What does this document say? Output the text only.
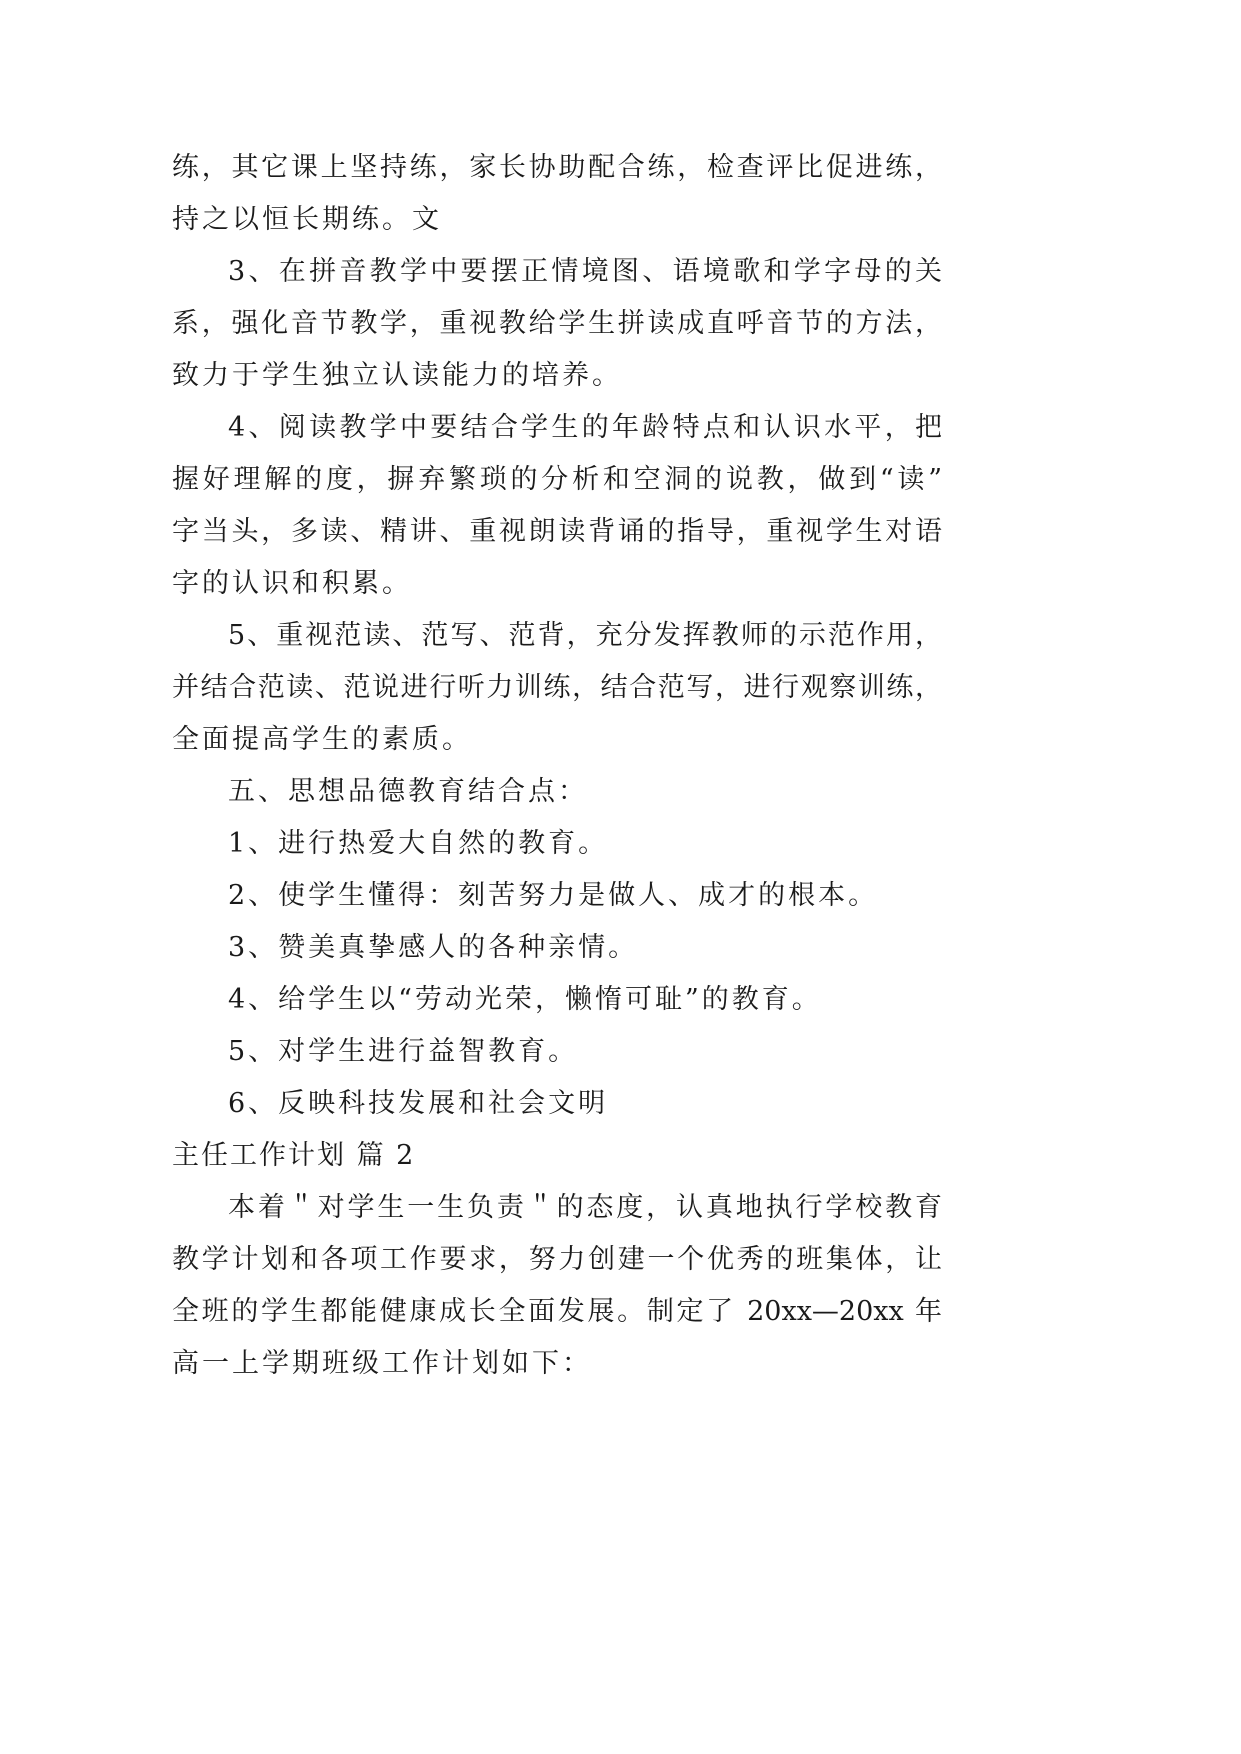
练，其它课上坚持练，家长协助配合练，检查评比促进练，
持之以恒长期练。文
3、在拼音教学中要摆正情境图、语境歌和学字母的关
系，强化音节教学，重视教给学生拼读成直呼音节的方法，
致力于学生独立认读能力的培养。
4、阅读教学中要结合学生的年龄特点和认识水平，把
握好理解的度，摒弃繁琐的分析和空洞的说教，做到“读”
字当头，多读、精讲、重视朗读背诵的指导，重视学生对语
字的认识和积累。
5、重视范读、范写、范背，充分发挥教师的示范作用，
并结合范读、范说进行听力训练，结合范写，进行观察训练，
全面提高学生的素质。
五、思想品德教育结合点：
1、进行热爱大自然的教育。
2、使学生懂得：刻苦努力是做人、成才的根本。
3、赞美真挚感人的各种亲情。
4、给学生以“劳动光荣，懒惰可耻”的教育。
5、对学生进行益智教育。
6、反映科技发展和社会文明
主任工作计划 篇 2
本着＂对学生一生负责＂的态度，认真地执行学校教育
教学计划和各项工作要求，努力创建一个优秀的班集体，让
全班的学生都能健康成长全面发展。制定了 20xx—20xx 年
高一上学期班级工作计划如下：
